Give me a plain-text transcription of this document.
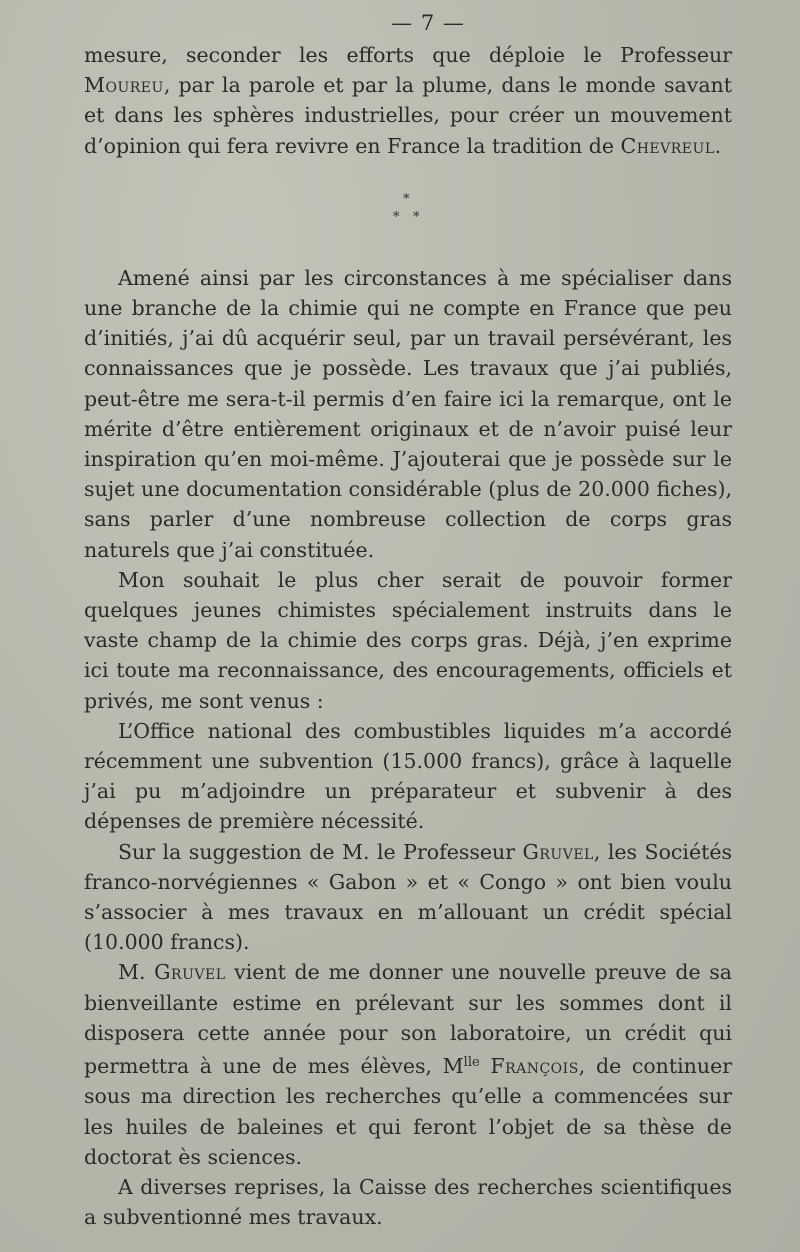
— 7 —

mesure, seconder les efforts que déploie le Professeur Moureu, par la parole et par la plume, dans le monde savant et dans les sphères industrielles, pour créer un mouvement d’opinion qui fera revivre en France la tradition de Chevreul.

*
* *

Amené ainsi par les circonstances à me spécialiser dans une branche de la chimie qui ne compte en France que peu d’initiés, j’ai dû acquérir seul, par un travail persévérant, les connaissances que je possède. Les travaux que j’ai publiés, peut-être me sera-t-il permis d’en faire ici la remarque, ont le mérite d’être entièrement originaux et de n’avoir puisé leur inspiration qu’en moi-même. J’ajouterai que je possède sur le sujet une documentation considérable (plus de 20.000 fiches), sans parler d’une nombreuse collection de corps gras naturels que j’ai constituée.

Mon souhait le plus cher serait de pouvoir former quelques jeunes chimistes spécialement instruits dans le vaste champ de la chimie des corps gras. Déjà, j’en exprime ici toute ma reconnaissance, des encouragements, officiels et privés, me sont venus :

L’Office national des combustibles liquides m’a accordé récemment une subvention (15.000 francs), grâce à laquelle j’ai pu m’adjoindre un préparateur et subvenir à des dépenses de première nécessité.

Sur la suggestion de M. le Professeur Gruvel, les Sociétés franco-norvégiennes « Gabon » et « Congo » ont bien voulu s’associer à mes travaux en m’allouant un crédit spécial (10.000 francs).

M. Gruvel vient de me donner une nouvelle preuve de sa bienveillante estime en prélevant sur les sommes dont il disposera cette année pour son laboratoire, un crédit qui permettra à une de mes élèves, $M^{lle}$ François, de continuer sous ma direction les recherches qu’elle a commencées sur les huiles de baleines et qui feront l’objet de sa thèse de doctorat ès sciences.

A diverses reprises, la Caisse des recherches scientifiques a subventionné mes travaux.
